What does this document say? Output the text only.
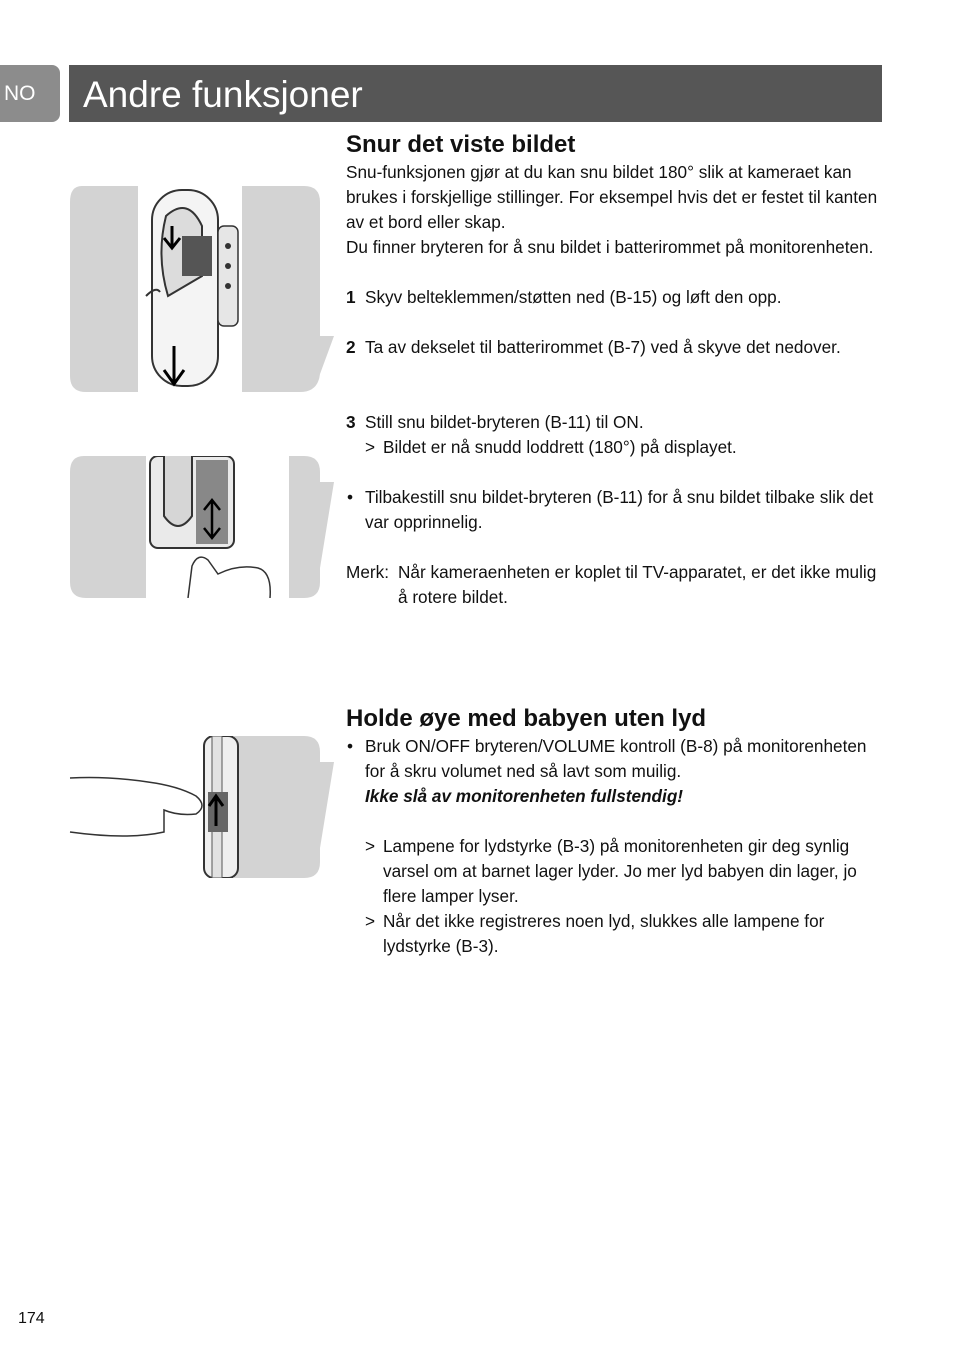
NO	Andre funksjoner
Snur det viste bildet

Snu-funksjonen gjør at du kan snu bildet 180° slik at kameraet kan brukes i forskjellige stillinger. For eksempel hvis det er festet til kanten av et bord eller skap.

Du finner bryteren for å snu bildet i batterirommet på monitorenheten.

1 Skyv belteklemmen/støtten ned (B-15) og løft den opp.
2 Ta av dekselet til batterirommet (B-7) ved å skyve det nedover.
3 Still snu bildet-bryteren (B-11) til ON.
> Bildet er nå snudd loddrett (180°) på displayet.
• Tilbakestill snu bildet-bryteren (B-11) for å snu bildet tilbake slik det var opprinnelig.
Merk: Når kameraenheten er koplet til TV-apparatet, er det ikke mulig å rotere bildet.
Holde øye med babyen uten lyd
• Bruk ON/OFF bryteren/VOLUME kontroll (B-8) på monitorenheten for å skru volumet ned så lavt som muilig.

Ikke slå av monitorenheten fullstendig!

> Lampene for lydstyrke (B-3) på monitorenheten gir deg synlig varsel om at barnet lager lyder. Jo mer lyd babyen din lager, jo flere lamper lyser.
> Når det ikke registreres noen lyd, slukkes alle lampene for lydstyrke (B-3).
174
